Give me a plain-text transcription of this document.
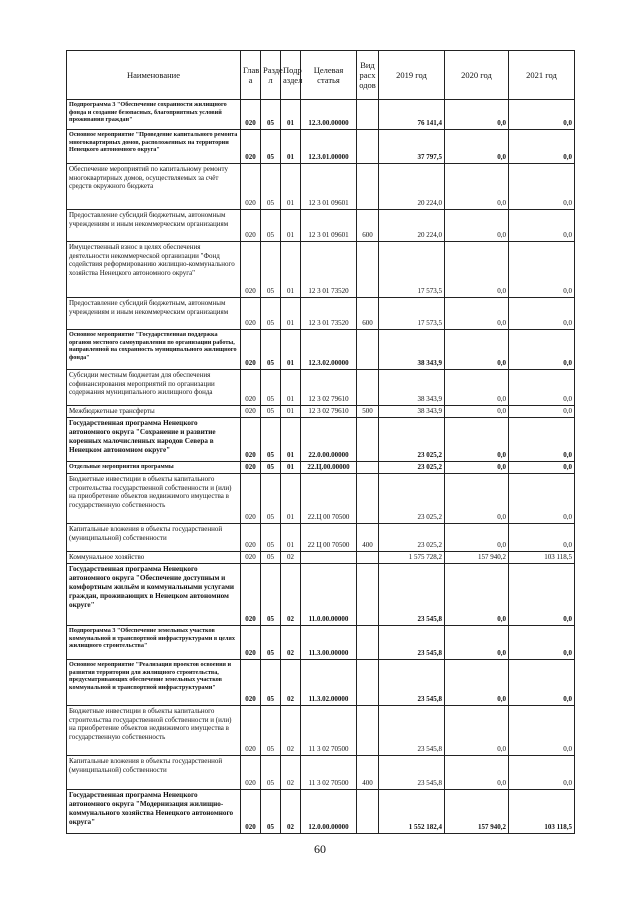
Наименование	Глав а	Разде л	Подр аздел	Целевая статья	Вид расх одов	2019 год	2020 год	2021 год
Подпрограмма 3 "Обеспечение сохранности жилищного фонда и создание безопасных, благоприятных условий проживания граждан"	020	05	01	12.3.00.00000		76 141,4	0,0	0,0
Основное мероприятие "Проведение капитального ремонта многоквартирных домов, расположенных на территории Ненецкого автономного округа"	020	05	01	12.3.01.00000		37 797,5	0,0	0,0
Обеспечение мероприятий по капитальному ремонту многоквартирных домов, осуществляемых за счёт средств окружного бюджета	020	05	01	12 3 01 09601		20 224,0	0,0	0,0
Предоставление субсидий бюджетным, автономным учреждениям и иным некоммерческим организациям	020	05	01	12 3 01 09601	600	20 224,0	0,0	0,0
Имущественный взнос в целях обеспечения деятельности некоммерческой организации "Фонд содействия реформированию жилищно-коммунального хозяйства Ненецкого автономного округа"	020	05	01	12 3 01 73520		17 573,5	0,0	0,0
Предоставление субсидий бюджетным, автономным учреждениям и иным некоммерческим организациям	020	05	01	12 3 01 73520	600	17 573,5	0,0	0,0
Основное мероприятие "Государственная поддержка органов местного самоуправления по организации работы, направленной на сохранность муниципального жилищного фонда"	020	05	01	12.3.02.00000		38 343,9	0,0	0,0
Субсидии местным бюджетам для обеспечения софинансирования мероприятий по организации содержания муниципального жилищного фонда	020	05	01	12 3 02 79610		38 343,9	0,0	0,0
Межбюджетные трансферты	020	05	01	12 3 02 79610	500	38 343,9	0,0	0,0
Государственная программа Ненецкого автономного округа "Сохранение и развитие коренных малочисленных народов Севера в Ненецком автономном округе"	020	05	01	22.0.00.00000		23 025,2	0,0	0,0
Отдельные мероприятия программы	020	05	01	22.Ц.00.00000		23 025,2	0,0	0,0
Бюджетные инвестиции в объекты капитального строительства государственной собственности и (или) на приобретение объектов недвижимого имущества в государственную собственность	020	05	01	22.Ц 00 70500		23 025,2	0,0	0,0
Капитальные вложения в объекты государственной (муниципальной) собственности	020	05	01	22 Ц 00 70500	400	23 025,2	0,0	0,0
Коммунальное хозяйство	020	05	02			1 575 728,2	157 940,2	103 118,5
Государственная программа Ненецкого автономного округа "Обеспечение доступным и комфортным жильём и коммунальными услугами граждан, проживающих в Ненецком автономном округе"	020	05	02	11.0.00.00000		23 545,8	0,0	0,0
Подпрограмма 3 "Обеспечение земельных участков коммунальной и транспортной инфраструктурами в целях жилищного строительства"	020	05	02	11.3.00.00000		23 545,8	0,0	0,0
Основное мероприятие "Реализация проектов освоения и развития территории для жилищного строительства, предусматривающих обеспечение земельных участков коммунальной и транспортной инфраструктурами"	020	05	02	11.3.02.00000		23 545,8	0,0	0,0
Бюджетные инвестиции в объекты капитального строительства государственной собственности и (или) на приобретение объектов недвижимого имущества в государственную собственность	020	05	02	11 3 02 70500		23 545,8	0,0	0,0
Капитальные вложения в объекты государственной (муниципальной) собственности	020	05	02	11 3 02 70500	400	23 545,8	0,0	0,0
Государственная программа Ненецкого автономного округа "Модернизация жилищно-коммунального хозяйства Ненецкого автономного округа"	020	05	02	12.0.00.00000		1 552 182,4	157 940,2	103 118,5
60
